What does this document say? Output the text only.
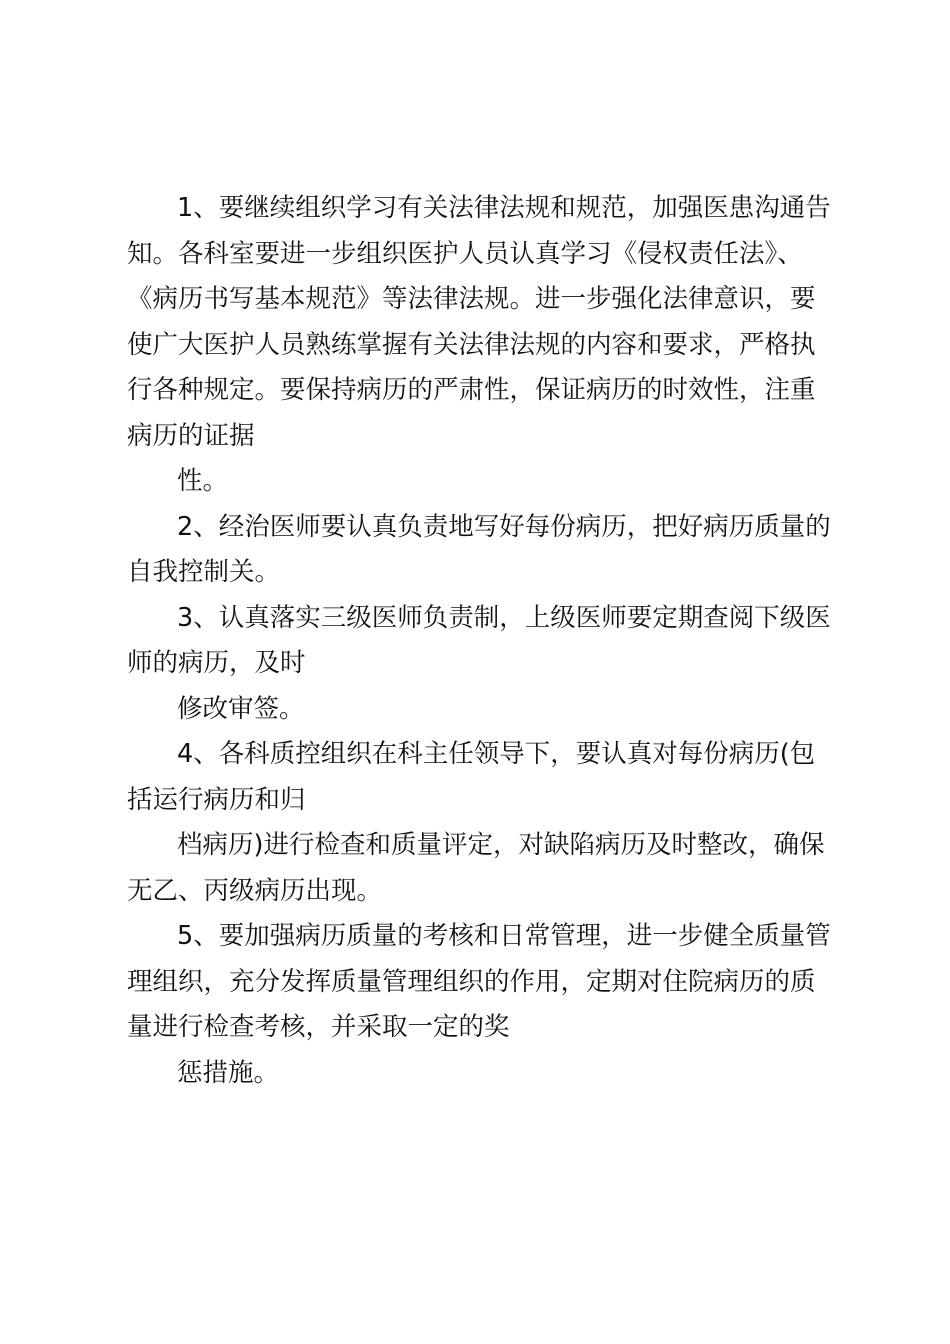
1、要继续组织学习有关法律法规和规范，加强医患沟通告
知。各科室要进一步组织医护人员认真学习《侵权责任法》、
《病历书写基本规范》等法律法规。进一步强化法律意识，要
使广大医护人员熟练掌握有关法律法规的内容和要求，严格执
行各种规定。要保持病历的严肃性，保证病历的时效性，注重
病历的证据
性。
2、经治医师要认真负责地写好每份病历，把好病历质量的
自我控制关。
3、认真落实三级医师负责制，上级医师要定期查阅下级医
师的病历，及时
修改审签。
4、各科质控组织在科主任领导下，要认真对每份病历(包
括运行病历和归
档病历)进行检查和质量评定，对缺陷病历及时整改，确保
无乙、丙级病历出现。
5、要加强病历质量的考核和日常管理，进一步健全质量管
理组织，充分发挥质量管理组织的作用，定期对住院病历的质
量进行检查考核，并采取一定的奖
惩措施。
